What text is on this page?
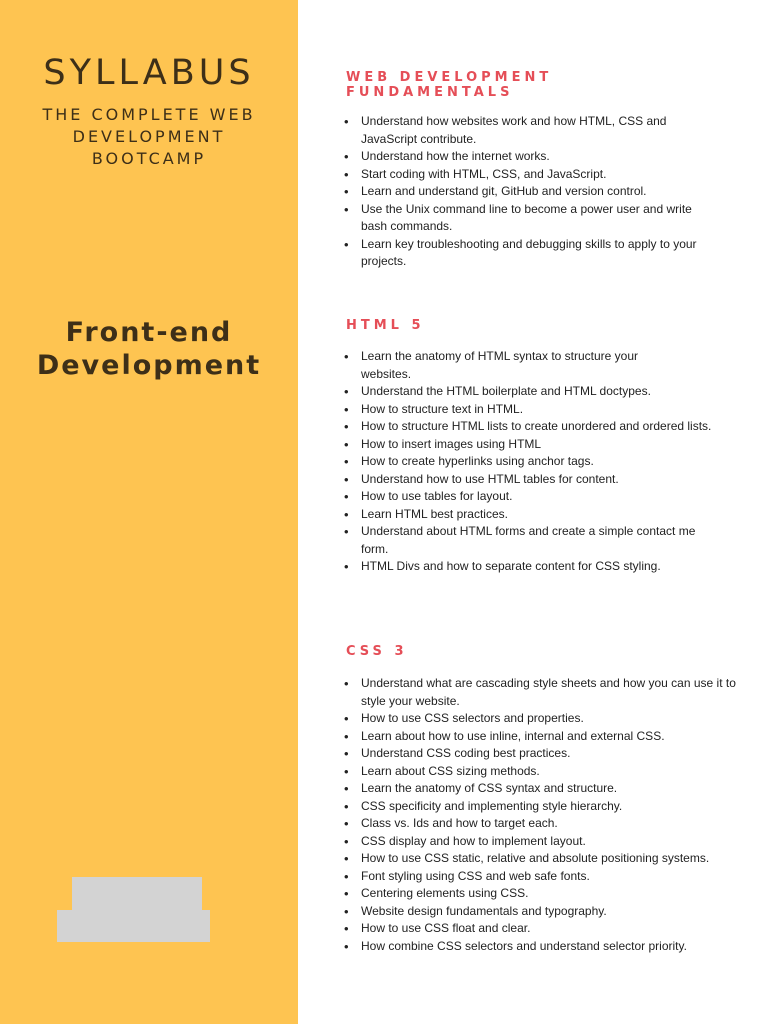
SYLLABUS
THE COMPLETE WEB
DEVELOPMENT
BOOTCAMP
Front-end
Development
WEB DEVELOPMENT
FUNDAMENTALS
• Understand how websites work and how HTML, CSS and JavaScript contribute.
• Understand how the internet works.
• Start coding with HTML, CSS, and JavaScript.
• Learn and understand git, GitHub and version control.
• Use the Unix command line to become a power user and write bash commands.
• Learn key troubleshooting and debugging skills to apply to your projects.
HTML 5
• Learn the anatomy of HTML syntax to structure your websites.
• Understand the HTML boilerplate and HTML doctypes.
• How to structure text in HTML.
• How to structure HTML lists to create unordered and ordered lists.
• How to insert images using HTML
• How to create hyperlinks using anchor tags.
• Understand how to use HTML tables for content.
• How to use tables for layout.
• Learn HTML best practices.
• Understand about HTML forms and create a simple contact me form.
• HTML Divs and how to separate content for CSS styling.
CSS 3
• Understand what are cascading style sheets and how you can use it to style your website.
• How to use CSS selectors and properties.
• Learn about how to use inline, internal and external CSS.
• Understand CSS coding best practices.
• Learn about CSS sizing methods.
• Learn the anatomy of CSS syntax and structure.
• CSS specificity and implementing style hierarchy.
• Class vs. Ids and how to target each.
• CSS display and how to implement layout.
• How to use CSS static, relative and absolute positioning systems.
• Font styling using CSS and web safe fonts.
• Centering elements using CSS.
• Website design fundamentals and typography.
• How to use CSS float and clear.
• How combine CSS selectors and understand selector priority.
